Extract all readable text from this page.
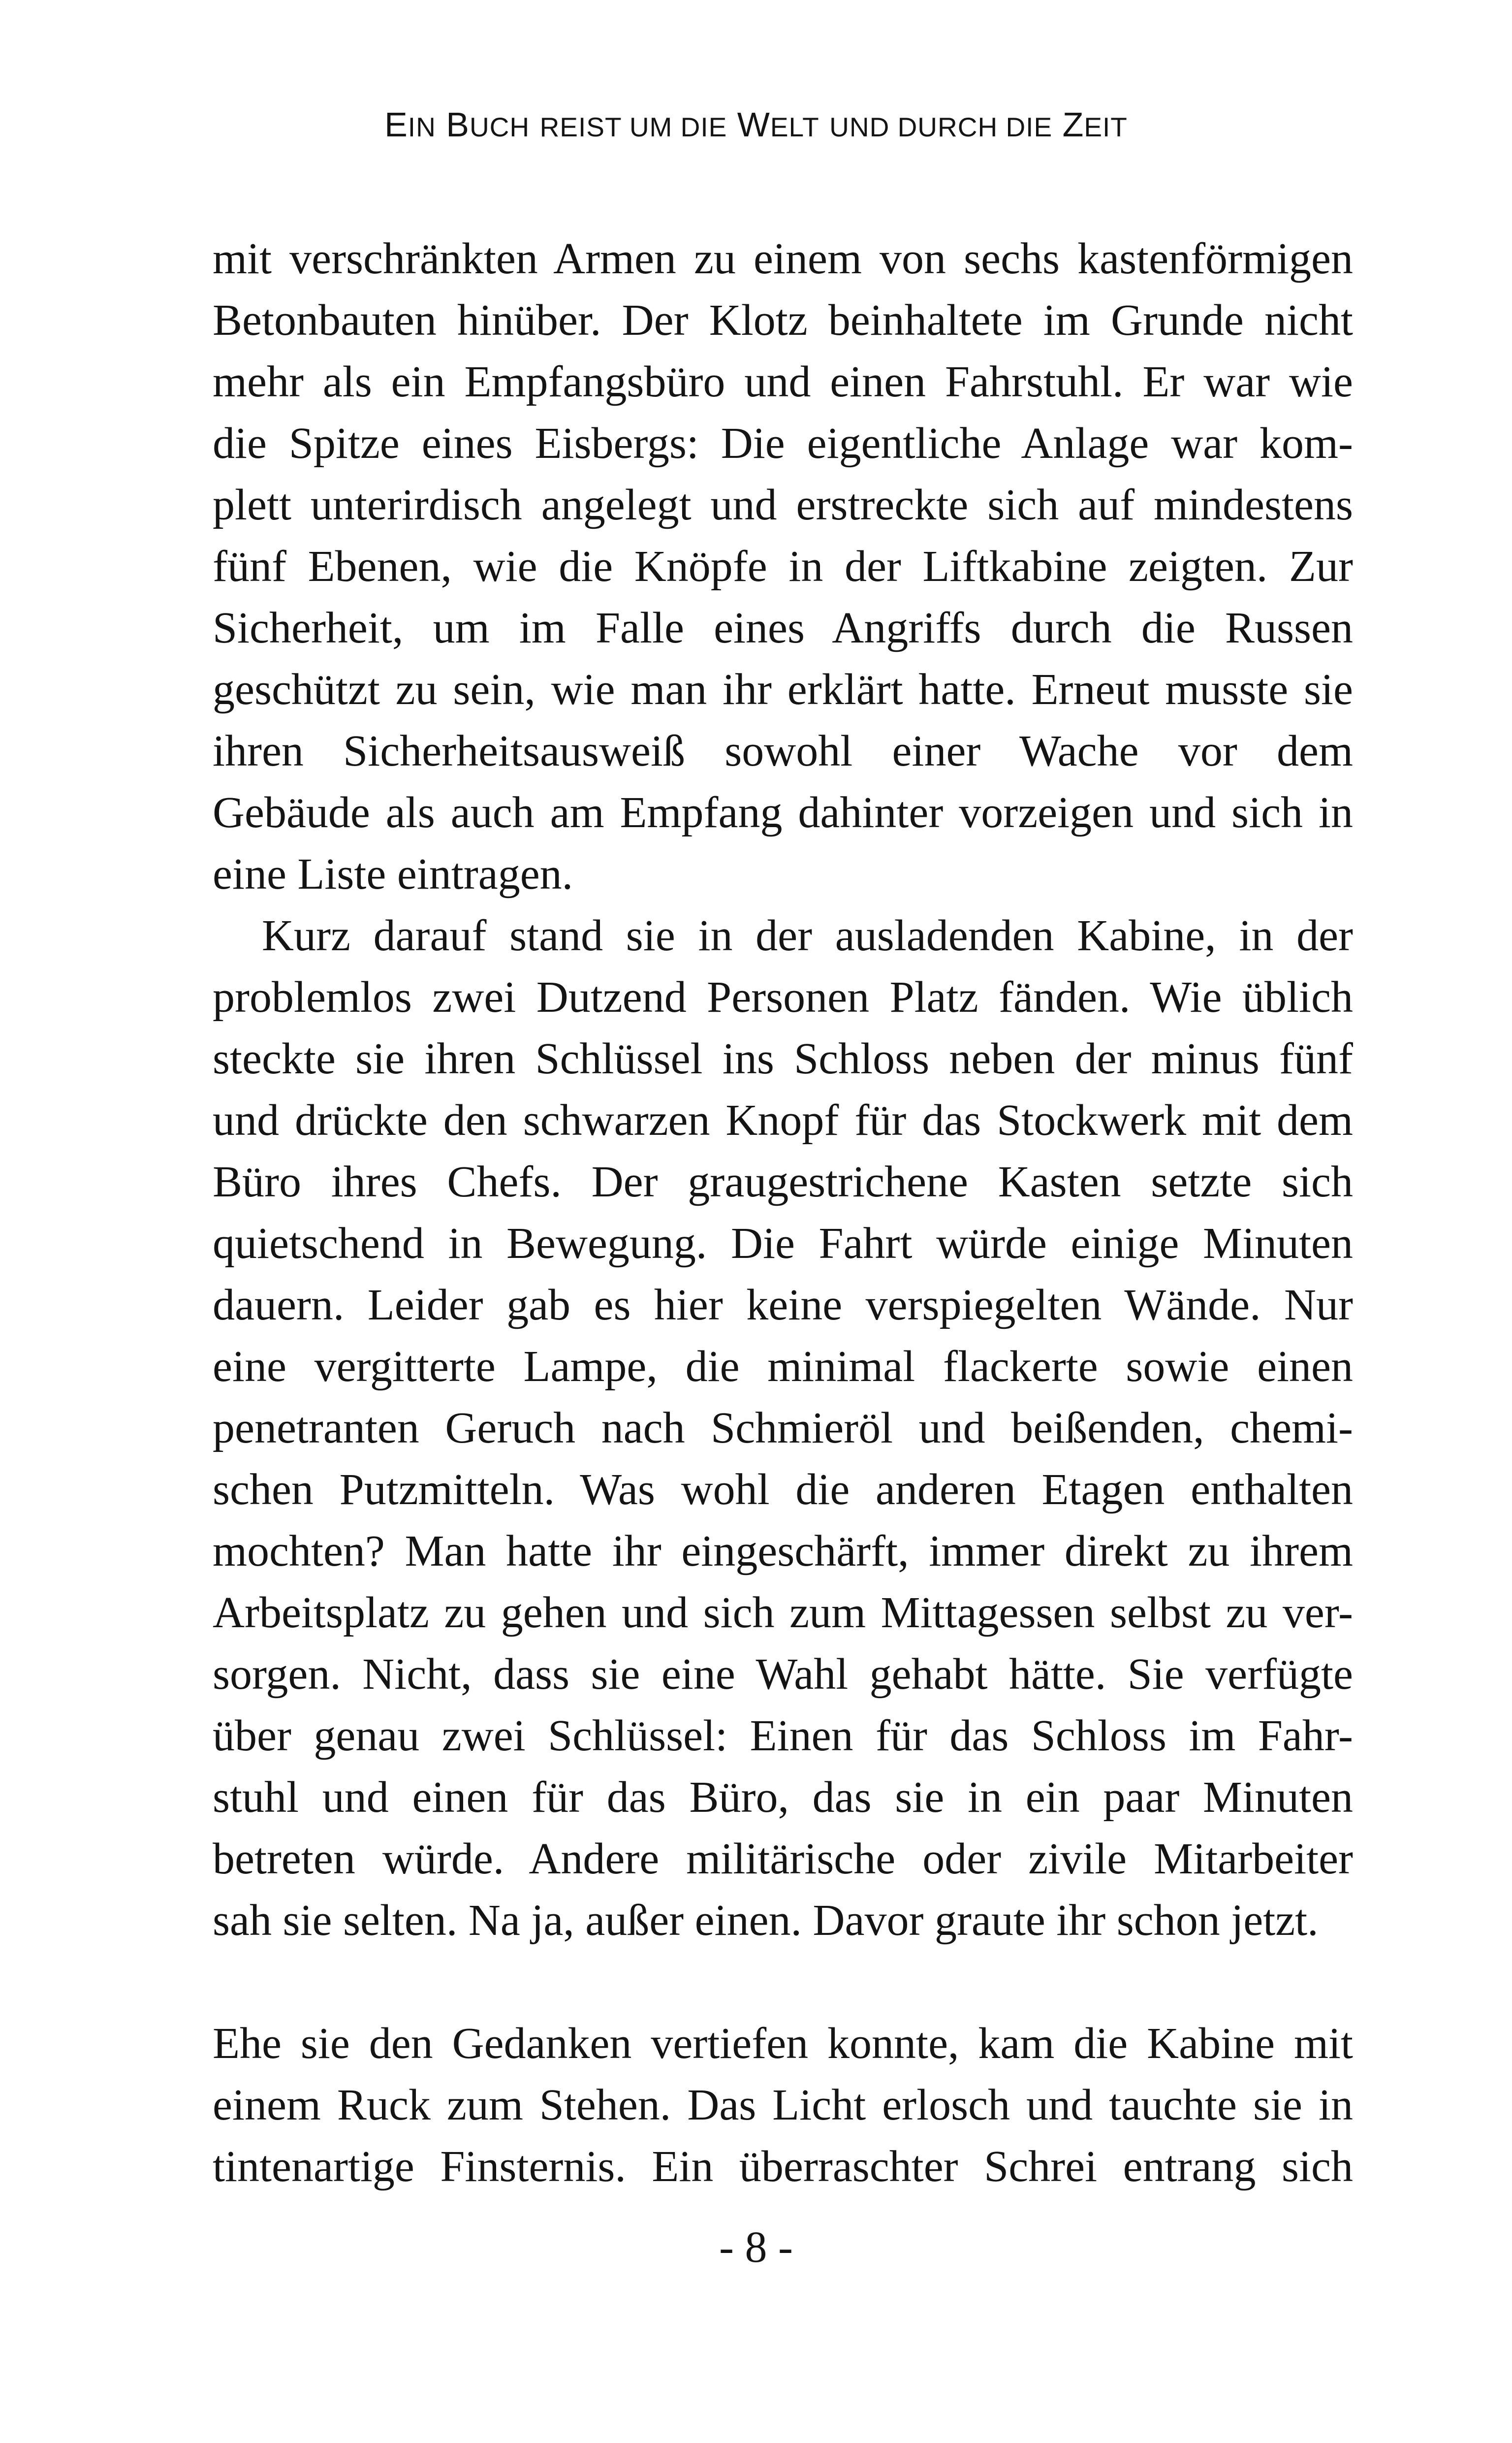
EIN BUCH REIST UM DIE WELT UND DURCH DIE ZEIT
mit verschränkten Armen zu einem von sechs kastenförmigen
Betonbauten hinüber. Der Klotz beinhaltete im Grunde nicht
mehr als ein Empfangsbüro und einen Fahrstuhl. Er war wie
die Spitze eines Eisbergs: Die eigentliche Anlage war kom-
plett unterirdisch angelegt und erstreckte sich auf mindestens
fünf Ebenen, wie die Knöpfe in der Liftkabine zeigten. Zur
Sicherheit, um im Falle eines Angriffs durch die Russen
geschützt zu sein, wie man ihr erklärt hatte. Erneut musste sie
ihren Sicherheitsausweiß sowohl einer Wache vor dem
Gebäude als auch am Empfang dahinter vorzeigen und sich in
eine Liste eintragen.
Kurz darauf stand sie in der ausladenden Kabine, in der
problemlos zwei Dutzend Personen Platz fänden. Wie üblich
steckte sie ihren Schlüssel ins Schloss neben der minus fünf
und drückte den schwarzen Knopf für das Stockwerk mit dem
Büro ihres Chefs. Der graugestrichene Kasten setzte sich
quietschend in Bewegung. Die Fahrt würde einige Minuten
dauern. Leider gab es hier keine verspiegelten Wände. Nur
eine vergitterte Lampe, die minimal flackerte sowie einen
penetranten Geruch nach Schmieröl und beißenden, chemi-
schen Putzmitteln. Was wohl die anderen Etagen enthalten
mochten? Man hatte ihr eingeschärft, immer direkt zu ihrem
Arbeitsplatz zu gehen und sich zum Mittagessen selbst zu ver-
sorgen. Nicht, dass sie eine Wahl gehabt hätte. Sie verfügte
über genau zwei Schlüssel: Einen für das Schloss im Fahr-
stuhl und einen für das Büro, das sie in ein paar Minuten
betreten würde. Andere militärische oder zivile Mitarbeiter
sah sie selten. Na ja, außer einen. Davor graute ihr schon jetzt.
Ehe sie den Gedanken vertiefen konnte, kam die Kabine mit
einem Ruck zum Stehen. Das Licht erlosch und tauchte sie in
tintenartige Finsternis. Ein überraschter Schrei entrang sich
- 8 -
